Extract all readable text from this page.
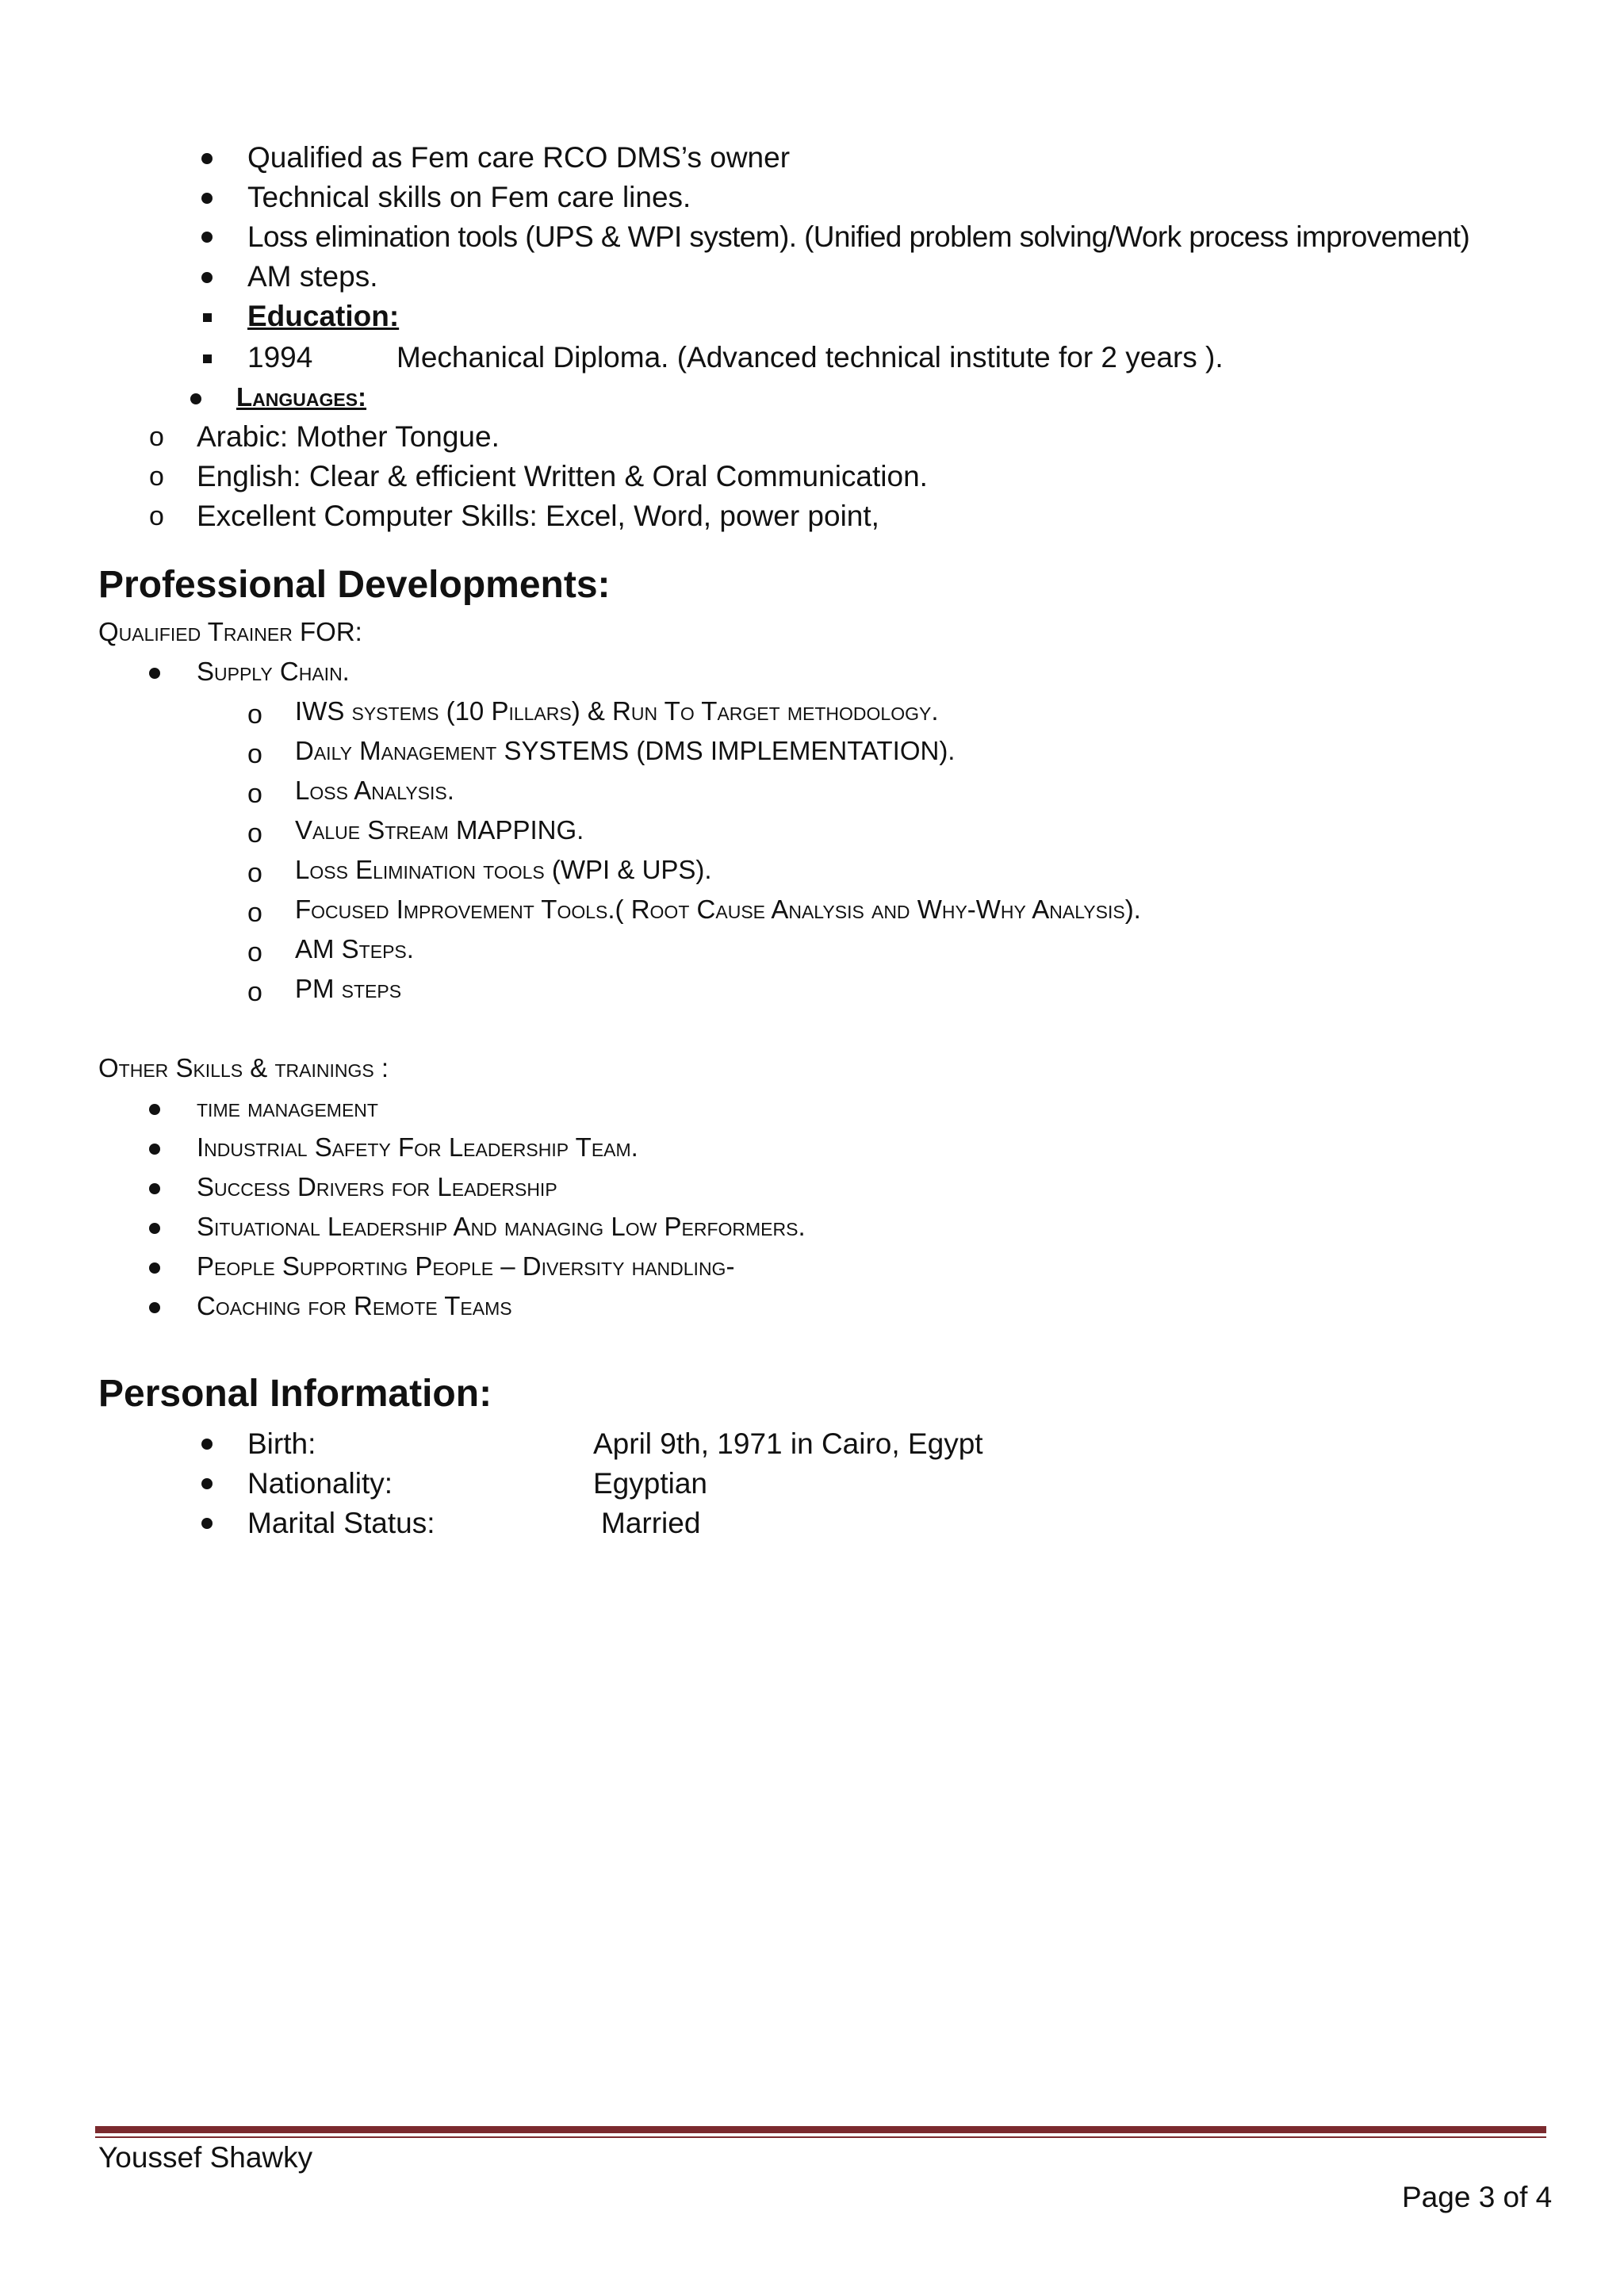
Qualified as Fem care RCO DMS’s owner
Technical skills on Fem care lines.
Loss elimination tools (UPS & WPI system). (Unified problem solving/Work process improvement)
AM steps.
Education:
1994	Mechanical Diploma. (Advanced technical institute for 2 years ).
Languages:
o Arabic: Mother Tongue.
o English: Clear & efficient Written & Oral Communication.
o Excellent Computer Skills: Excel, Word, power point,
Professional Developments:
Qualified Trainer FOR:
Supply Chain.
o IWS systems (10 Pillars) & Run To Target methodology.
o Daily Management SYSTEMS (DMS IMPLEMENTATION).
o Loss Analysis.
o Value Stream MAPPING.
o Loss Elimination tools (WPI & UPS).
o Focused Improvement Tools.( Root Cause Analysis and Why-Why Analysis).
o AM Steps.
o PM steps
Other Skills & trainings :
time management
Industrial Safety For Leadership Team.
Success Drivers for Leadership
Situational Leadership And managing Low Performers.
People Supporting People – Diversity handling-
Coaching for Remote Teams
Personal Information:
Birth:	April 9th, 1971 in Cairo, Egypt
Nationality:	Egyptian
Marital Status:	Married
Youssef Shawky
Page 3 of 4
